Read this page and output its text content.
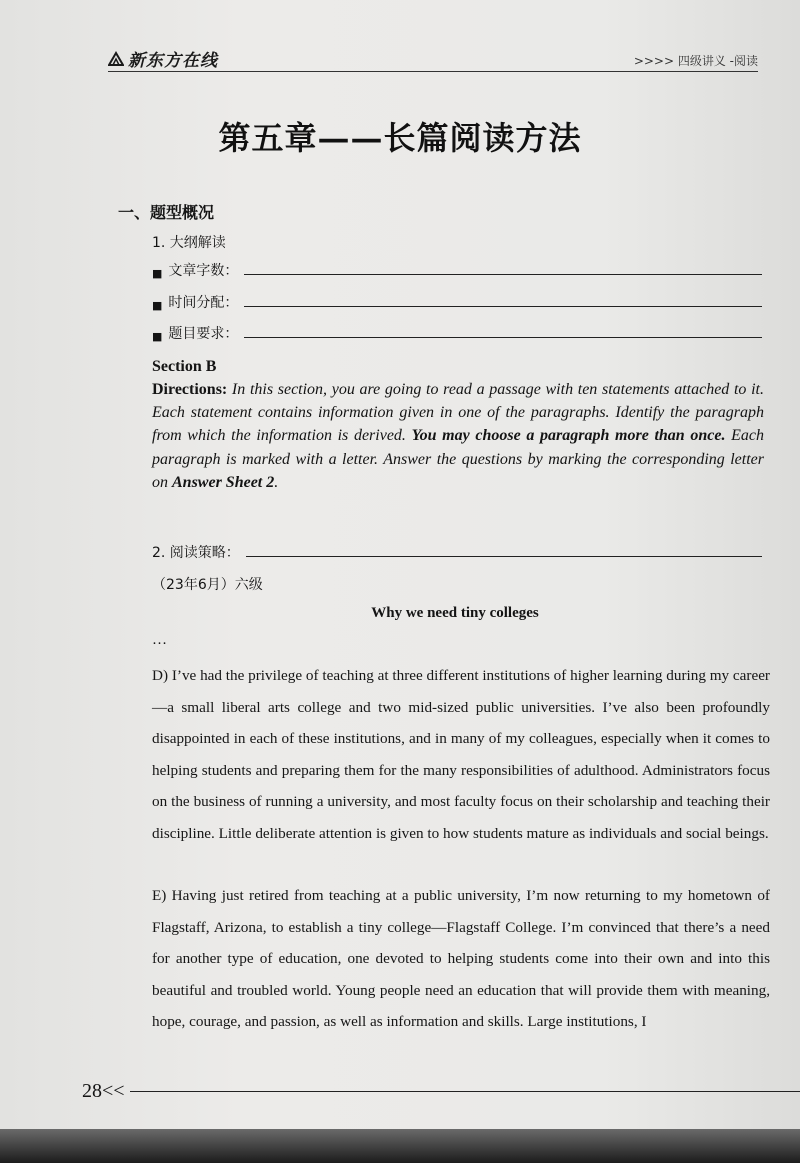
新东方在线	>>>> 四级讲义 -阅读
第五章——长篇阅读方法
一、题型概况
1. 大纲解读
■ 文章字数：
■ 时间分配：
■ 题目要求：
Section B
Directions: In this section, you are going to read a passage with ten statements attached to it. Each statement contains information given in one of the paragraphs. Identify the paragraph from which the information is derived. You may choose a paragraph more than once. Each paragraph is marked with a letter. Answer the questions by marking the corresponding letter on Answer Sheet 2.
2. 阅读策略：
（23年6月）六级
Why we need tiny colleges
…
D) I’ve had the privilege of teaching at three different institutions of higher learning during my career—a small liberal arts college and two mid-sized public universities. I’ve also been profoundly disappointed in each of these institutions, and in many of my colleagues, especially when it comes to helping students and preparing them for the many responsibilities of adulthood. Administrators focus on the business of running a university, and most faculty focus on their scholarship and teaching their discipline. Little deliberate attention is given to how students mature as individuals and social beings.
E) Having just retired from teaching at a public university, I’m now returning to my hometown of Flagstaff, Arizona, to establish a tiny college—Flagstaff College. I’m convinced that there’s a need for another type of education, one devoted to helping students come into their own and into this beautiful and troubled world. Young people need an education that will provide them with meaning, hope, courage, and passion, as well as information and skills. Large institutions, I
28<<
